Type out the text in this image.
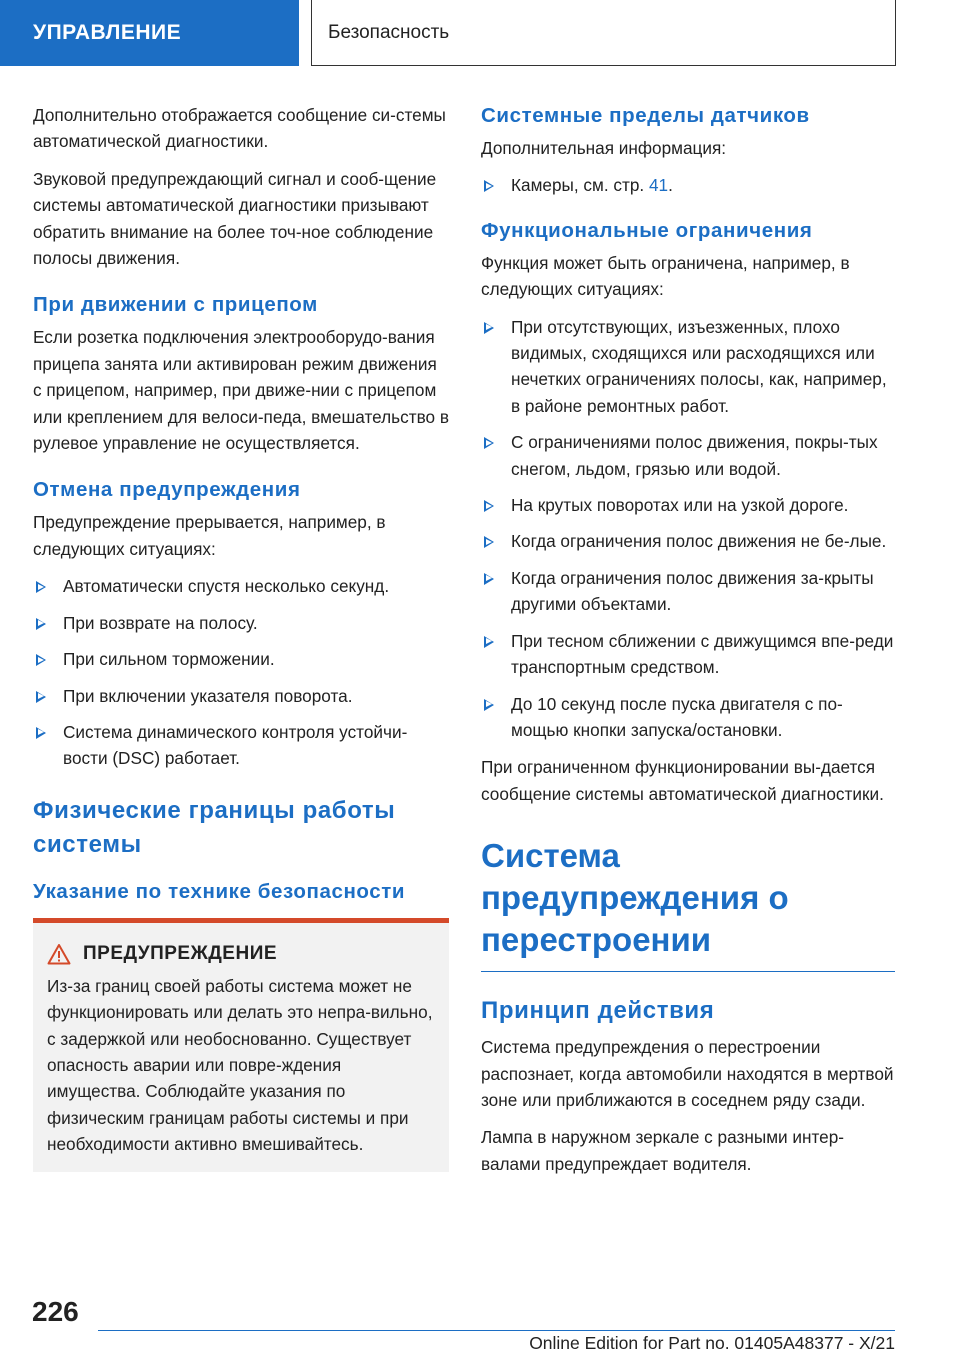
УПРАВЛЕНИЕ	Безопасность

Дополнительно отображается сообщение си-стемы автоматической диагностики.

Звуковой предупреждающий сигнал и сооб-щение системы автоматической диагностики призывают обратить внимание на более точ-ное соблюдение полосы движения.

При движении с прицепом

Если розетка подключения электрооборудо-вания прицепа занята или активирован режим движения с прицепом, например, при движе-нии с прицепом или креплением для велоси-педа, вмешательство в рулевое управление не осуществляется.

Отмена предупреждения

Предупреждение прерывается, например, в следующих ситуациях:

Автоматически спустя несколько секунд.
При возврате на полосу.
При сильном торможении.
При включении указателя поворота.
Система динамического контроля устойчи-вости (DSC) работает.
Физические границы работы системы
Указание по технике безопасности
ПРЕДУПРЕЖДЕНИЕ

Из-за границ своей работы система может не функционировать или делать это непра-вильно, с задержкой или необоснованно. Существует опасность аварии или повре-ждения имущества. Соблюдайте указания по физическим границам работы системы и при необходимости активно вмешивайтесь.

Системные пределы датчиков

Дополнительная информация:

Камеры, см. стр. 41.
Функциональные ограничения

Функция может быть ограничена, например, в следующих ситуациях:

При отсутствующих, изъезженных, плохо видимых, сходящихся или расходящихся или нечетких ограничениях полосы, как, например, в районе ремонтных работ.
С ограничениями полос движения, покры-тых снегом, льдом, грязью или водой.
На крутых поворотах или на узкой дороге.
Когда ограничения полос движения не бе-лые.
Когда ограничения полос движения за-крыты другими объектами.
При тесном сближении с движущимся впе-реди транспортным средством.
До 10 секунд после пуска двигателя с по-мощью кнопки запуска/остановки.

При ограниченном функционировании вы-дается сообщение системы автоматической диагностики.

Система предупреждения о перестроении
Принцип действия

Система предупреждения о перестроении распознает, когда автомобили находятся в мертвой зоне или приближаются в соседнем ряду сзади.

Лампа в наружном зеркале с разными интер-валами предупреждает водителя.

226
Online Edition for Part no. 01405A48377 - X/21
